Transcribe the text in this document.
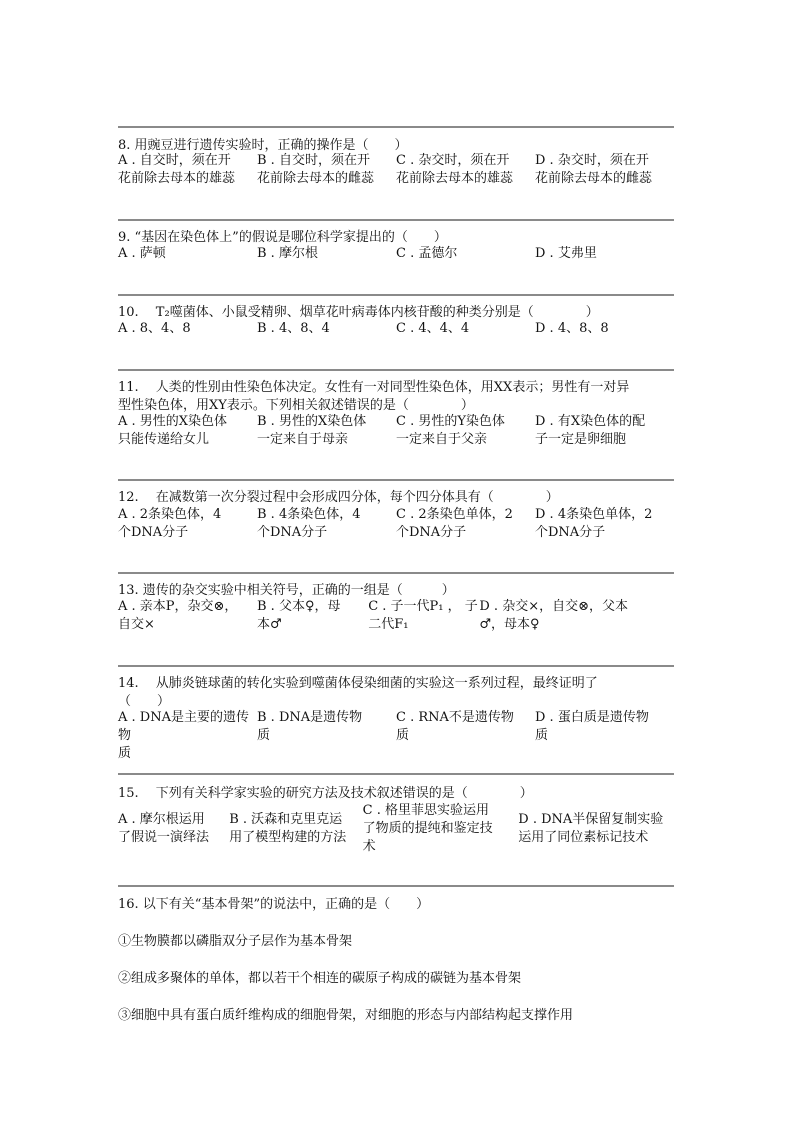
8. 用豌豆进行遗传实验时，正确的操作是（　　）
A . 自交时，须在开
花前除去母本的雄蕊
B . 自交时，须在开
花前除去母本的雌蕊
C . 杂交时，须在开
花前除去母本的雄蕊
D . 杂交时，须在开
花前除去母本的雌蕊
9. “基因在染色体上”的假说是哪位科学家提出的（　　）
A . 萨顿	B . 摩尔根	C . 孟德尔	D . 艾弗里
10.　 T₂噬菌体、小鼠受精卵、烟草花叶病毒体内核苷酸的种类分别是（　　　　）
A . 8、4、8	B . 4、8、4	C . 4、4、4	D . 4、8、8
11.　 人类的性别由性染色体决定。女性有一对同型性染色体，用XX表示；男性有一对异
型性染色体，用XY表示。下列相关叙述错误的是（　　　　）
A . 男性的X染色体
只能传递给女儿
B . 男性的X染色体
一定来自于母亲
C . 男性的Y染色体
一定来自于父亲
D . 有X染色体的配
子一定是卵细胞
12.　 在减数第一次分裂过程中会形成四分体，每个四分体具有（　　　　）
A . 2条染色体，4
个DNA分子
B . 4条染色体，4
个DNA分子
C . 2条染色单体，2
个DNA分子
D . 4条染色单体，2
个DNA分子
13. 遗传的杂交实验中相关符号，正确的一组是（　　　）
A . 亲本P，杂交⊗，
自交×
B . 父本♀，母
本♂
C . 子一代P₁ ， 子
二代F₁
D . 杂交×，自交⊗，父本
♂，母本♀
14.　 从肺炎链球菌的转化实验到噬菌体侵染细菌的实验这一系列过程，最终证明了
（　　）
A . DNA是主要的遗传物
质
B . DNA是遗传物
质
C . RNA不是遗传物
质
D . 蛋白质是遗传物
质
15.　 下列有关科学家实验的研究方法及技术叙述错误的是（　　　　）
A . 摩尔根运用
了假说一演绎法
B . 沃森和克里克运
用了模型构建的方法
C . 格里菲思实验运用
了物质的提纯和鉴定技
术
D . DNA半保留复制实验
运用了同位素标记技术
16. 以下有关“基本骨架”的说法中，正确的是（　　）
①生物膜都以磷脂双分子层作为基本骨架
②组成多聚体的单体，都以若干个相连的碳原子构成的碳链为基本骨架
③细胞中具有蛋白质纤维构成的细胞骨架，对细胞的形态与内部结构起支撑作用
